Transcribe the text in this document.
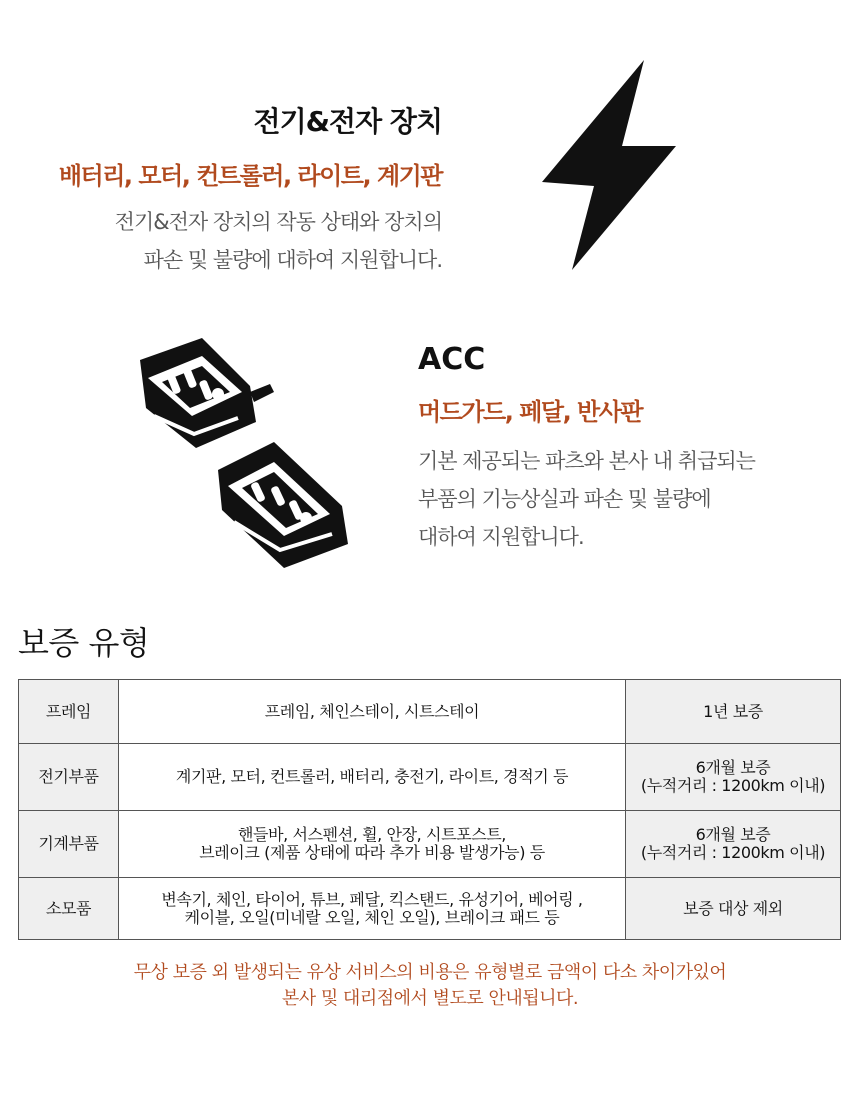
전기&전자 장치
배터리, 모터, 컨트롤러, 라이트, 계기판
전기&전자 장치의 작동 상태와 장치의
파손 및 불량에 대하여 지원합니다.
ACC
머드가드, 페달, 반사판
기본 제공되는 파츠와 본사 내 취급되는
부품의 기능상실과 파손 및 불량에
대하여 지원합니다.
보증 유형
프레임	프레임, 체인스테이, 시트스테이	1년 보증

전기부품	계기판, 모터, 컨트롤러, 배터리, 충전기, 라이트, 경적기 등	6개월 보증
(누적거리 : 1200km 이내)

기계부품	핸들바, 서스펜션, 휠, 안장, 시트포스트,
브레이크 (제품 상태에 따라 추가 비용 발생가능) 등	6개월 보증
(누적거리 : 1200km 이내)

소모품	변속기, 체인, 타이어, 튜브, 페달, 킥스탠드, 유성기어, 베어링 ,
케이블, 오일(미네랄 오일, 체인 오일), 브레이크 패드 등	보증 대상 제외
무상 보증 외 발생되는 유상 서비스의 비용은 유형별로 금액이 다소 차이가있어
본사 및 대리점에서 별도로 안내됩니다.
